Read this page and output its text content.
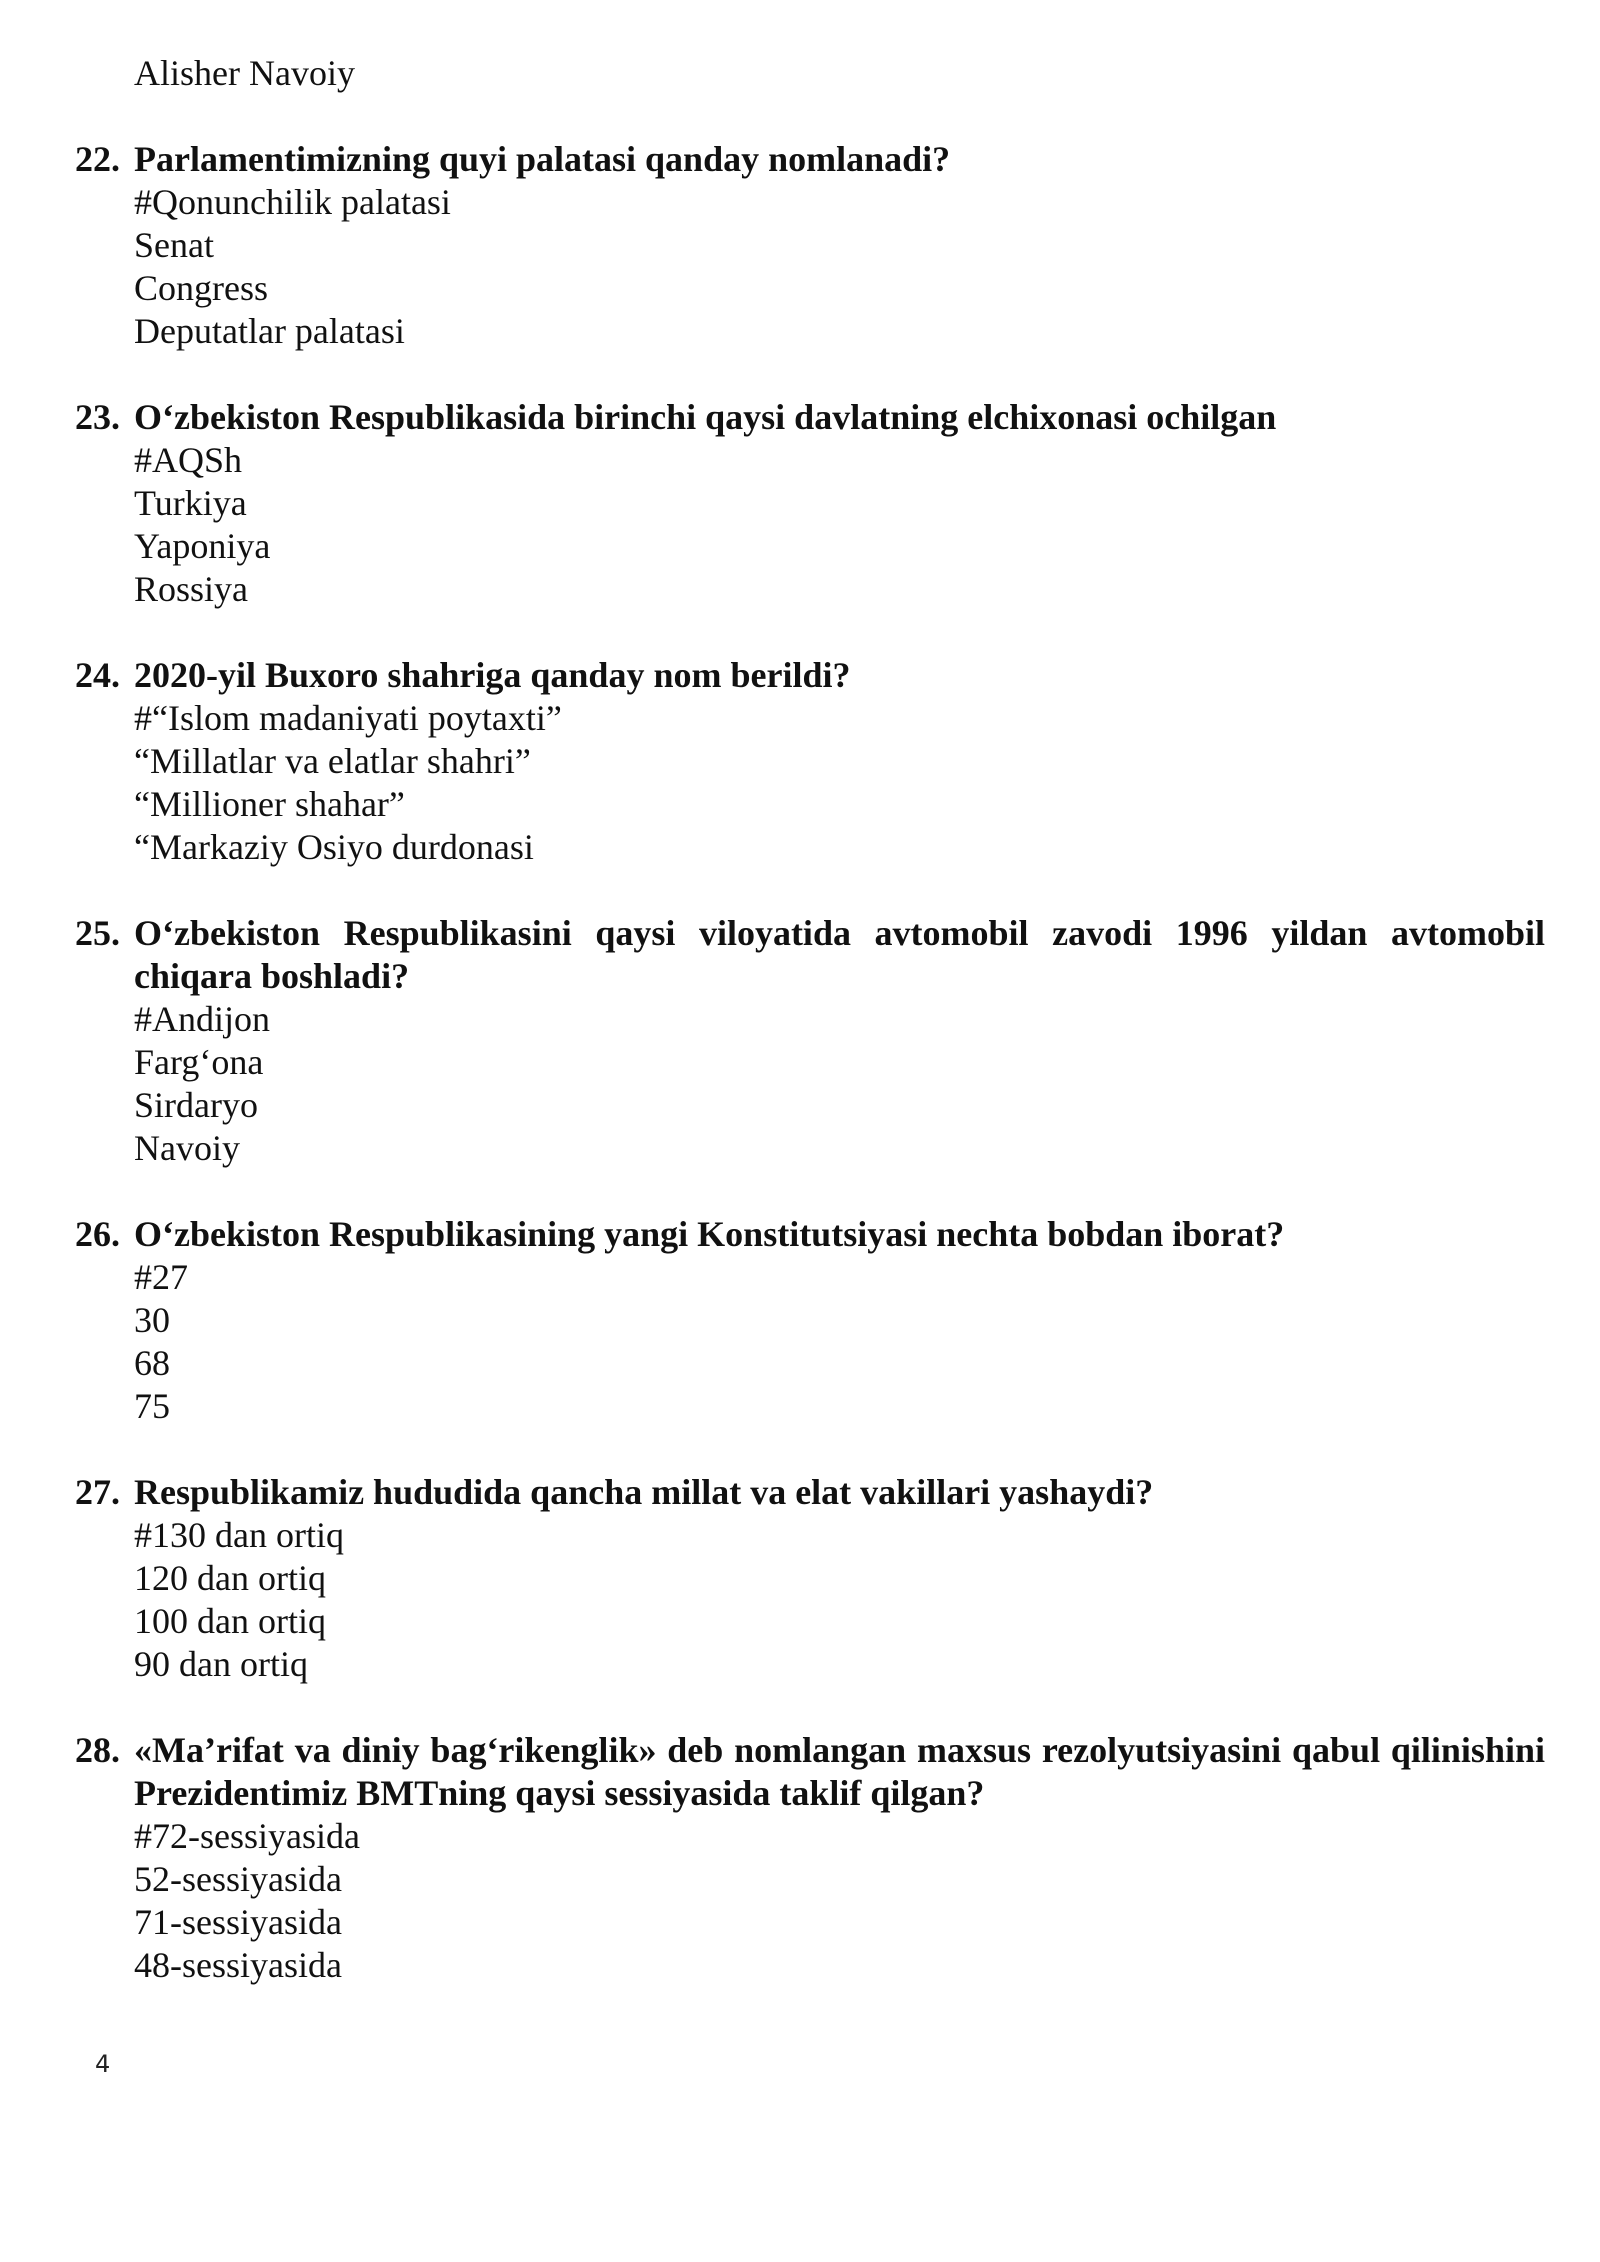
Alisher Navoiy
22. Parlamentimizning quyi palatasi qanday nomlanadi?
#Qonunchilik palatasi
Senat
Congress
Deputatlar palatasi
23. O‘zbekiston Respublikasida birinchi qaysi davlatning elchixonasi ochilgan
#AQSh
Turkiya
Yaponiya
Rossiya
24. 2020-yil Buxoro shahriga qanday nom berildi?
#“Islom madaniyati poytaxti”
“Millatlar va elatlar shahri”
“Millioner shahar”
“Markaziy Osiyo durdonasi
25. O‘zbekiston Respublikasini qaysi viloyatida avtomobil zavodi 1996 yildan avtomobil chiqara boshladi?
#Andijon
Farg‘ona
Sirdaryo
Navoiy
26. O‘zbekiston Respublikasining yangi Konstitutsiyasi nechta bobdan iborat?
#27
30
68
75
27. Respublikamiz hududida qancha millat va elat vakillari yashaydi?
#130 dan ortiq
120 dan ortiq
100 dan ortiq
90 dan ortiq
28. «Ma’rifat va diniy bag‘rikenglik» deb nomlangan maxsus rezolyutsiyasini qabul qilinishini Prezidentimiz BMTning qaysi sessiyasida taklif qilgan?
#72-sessiyasida
52-sessiyasida
71-sessiyasida
48-sessiyasida
4
